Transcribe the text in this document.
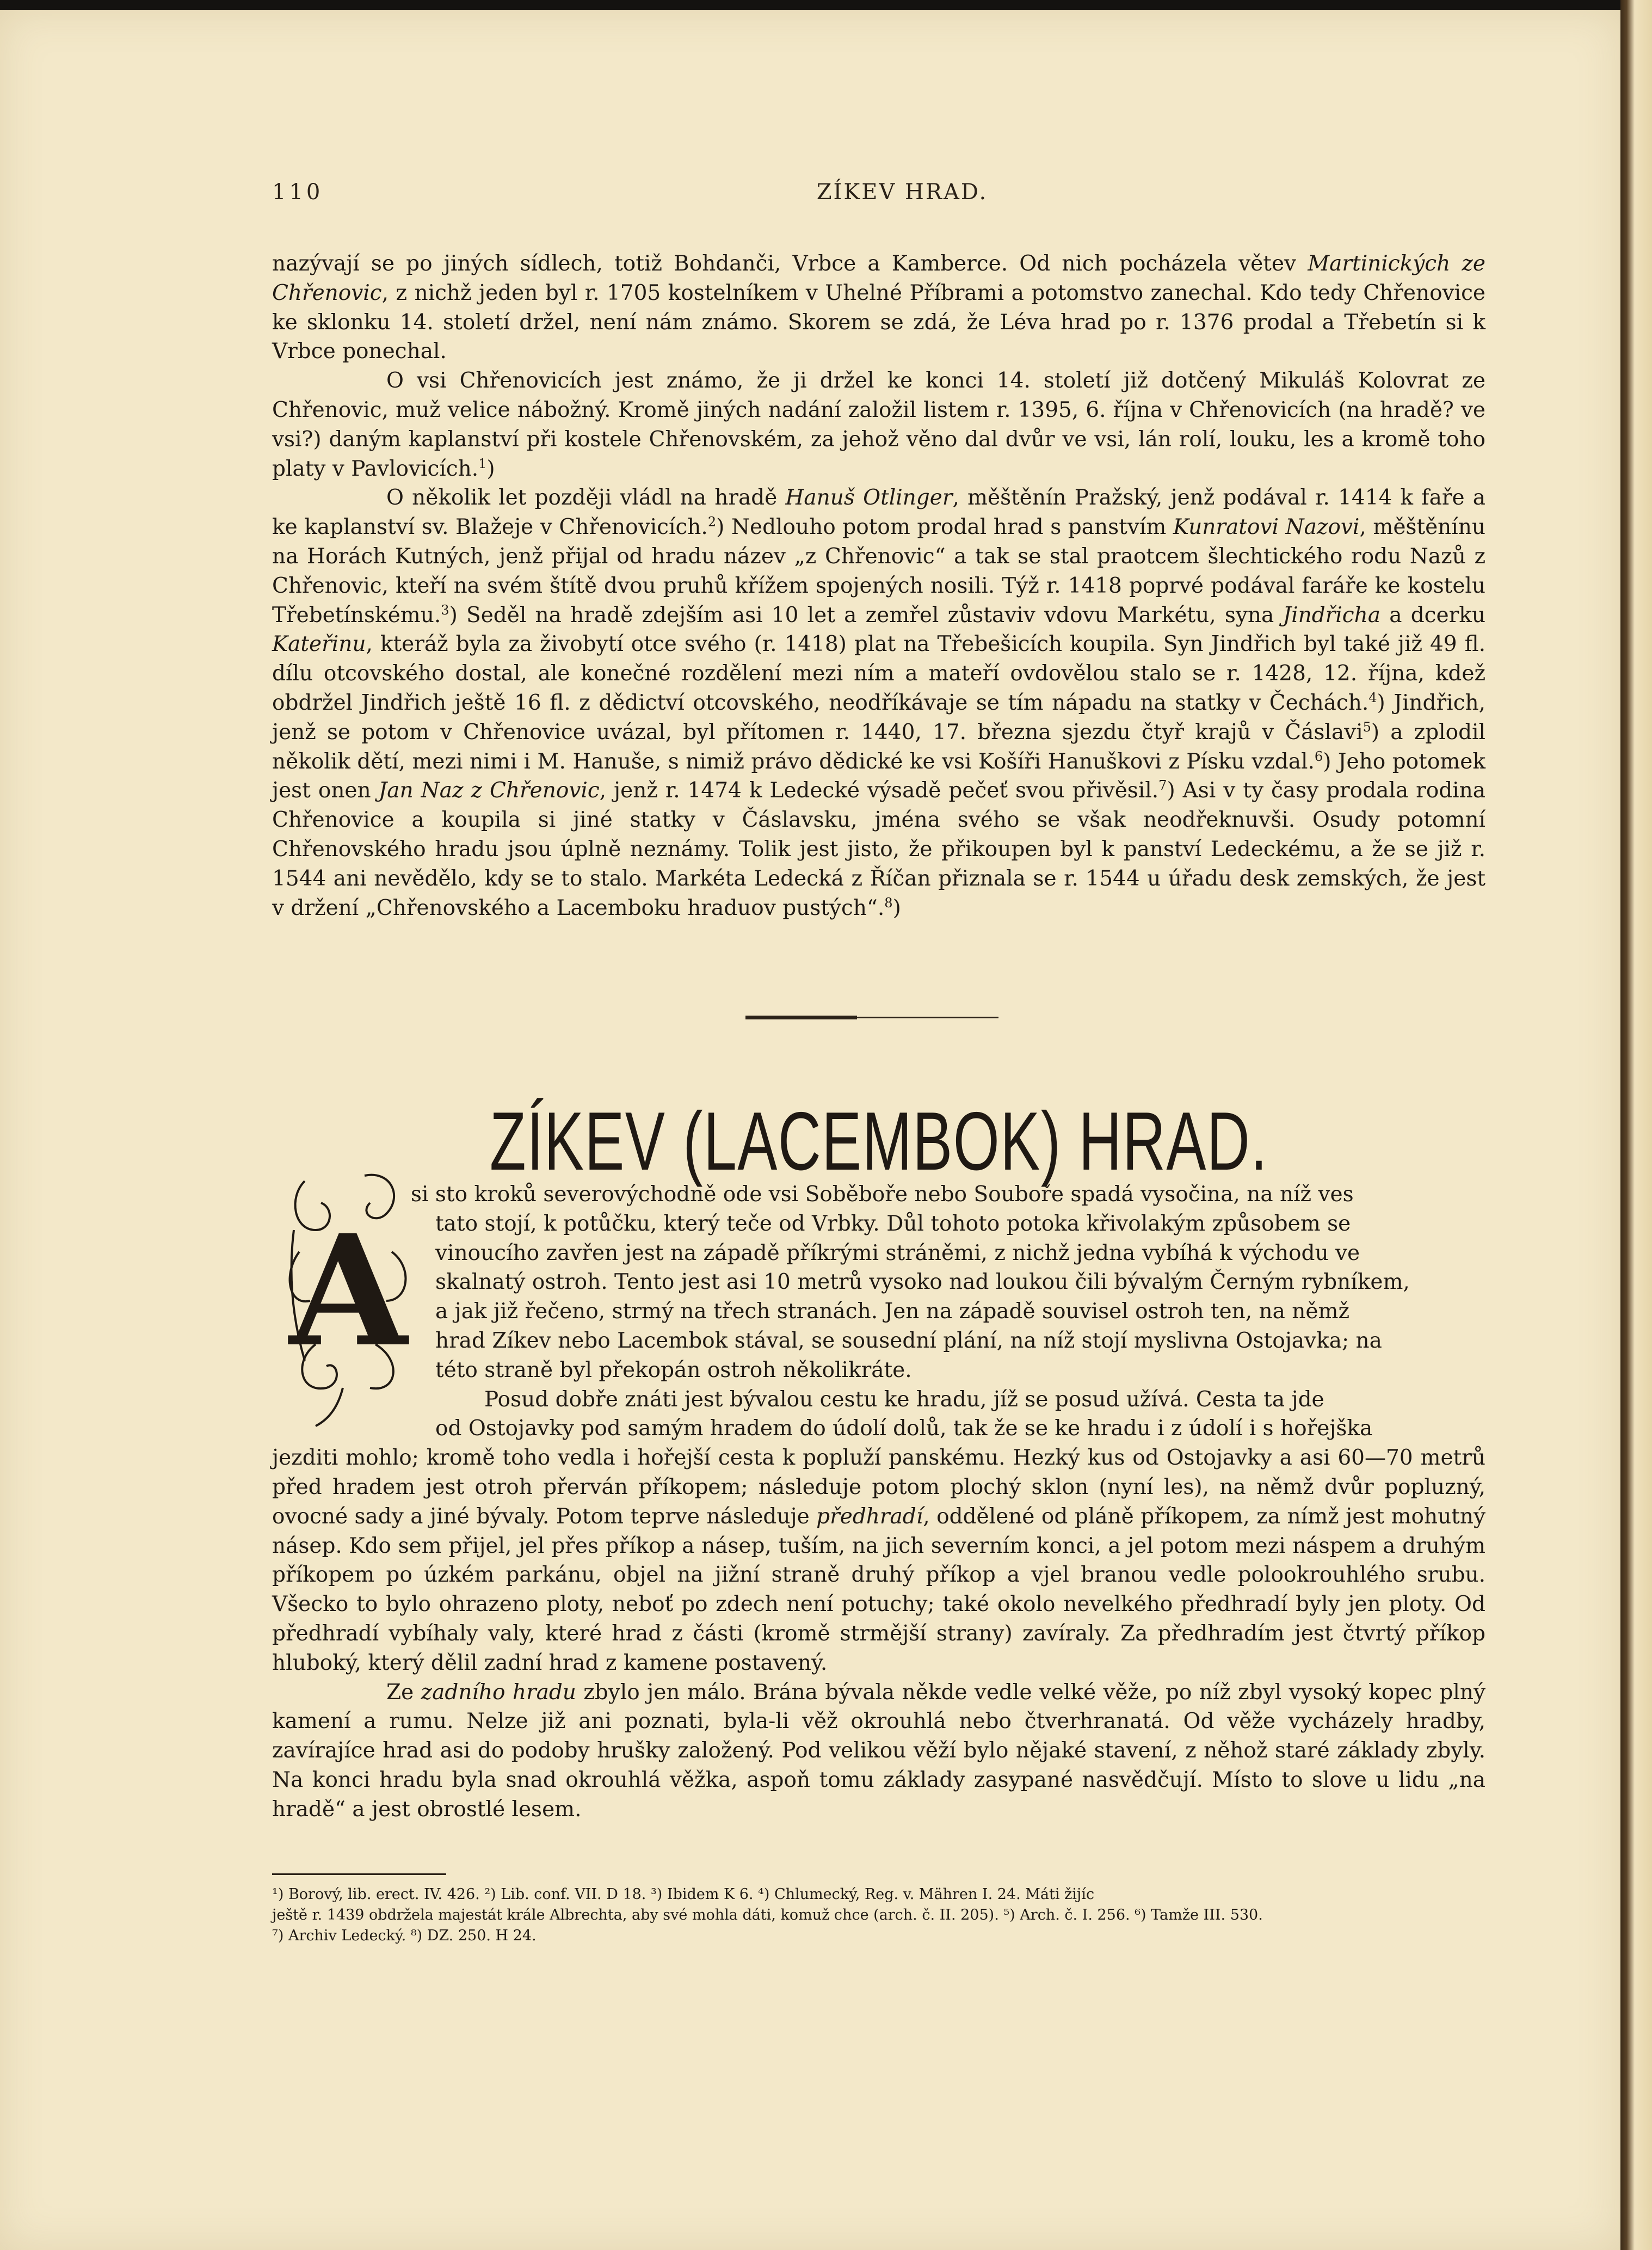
110	ZÍKEV HRAD.

nazývají se po jiných sídlech, totiž Bohdanči, Vrbce a Kamberce. Od nich pocházela větev Martinických ze Chřenovic, z nichž jeden byl r. 1705 kostelníkem v Uhelné Příbrami a potomstvo zanechal. Kdo tedy Chřenovice ke sklonku 14. století držel, není nám známo. Skorem se zdá, že Léva hrad po r. 1376 prodal a Třebetín si k Vrbce ponechal.

O vsi Chřenovicích jest známo, že ji držel ke konci 14. století již dotčený Mikuláš Kolovrat ze Chřenovic, muž velice nábožný. Kromě jiných nadání založil listem r. 1395, 6. října v Chřenovicích (na hradě? ve vsi?) daným kaplanství při kostele Chřenovském, za jehož věno dal dvůr ve vsi, lán rolí, louku, les a kromě toho platy v Pavlovicích.$^1$)

O několik let později vládl na hradě Hanuš Otlinger, měštěnín Pražský, jenž podával r. 1414 k faře a ke kaplanství sv. Blažeje v Chřenovicích.$^2$) Nedlouho potom prodal hrad s panstvím Kunratovi Nazovi, měštěnínu na Horách Kutných, jenž přijal od hradu název „z Chřenovic“ a tak se stal praotcem šlechtického rodu Nazů z Chřenovic, kteří na svém štítě dvou pruhů křížem spojených nosili. Týž r. 1418 poprvé podával faráře ke kostelu Třebetínskému.$^3$) Seděl na hradě zdejším asi 10 let a zemřel zůstaviv vdovu Markétu, syna Jindřicha a dcerku Kateřinu, kteráž byla za živobytí otce svého (r. 1418) plat na Třebešicích koupila. Syn Jindřich byl také již 49 fl. dílu otcovského dostal, ale konečné rozdělení mezi ním a mateří ovdovělou stalo se r. 1428, 12. října, kdež obdržel Jindřich ještě 16 fl. z dědictví otcovského, neodříkávaje se tím nápadu na statky v Čechách.$^4$) Jindřich, jenž se potom v Chřenovice uvázal, byl přítomen r. 1440, 17. března sjezdu čtyř krajů v Čáslavi$^5$) a zplodil několik dětí, mezi nimi i M. Hanuše, s nimiž právo dědické ke vsi Košíři Hanuškovi z Písku vzdal.$^6$) Jeho potomek jest onen Jan Naz z Chřenovic, jenž r. 1474 k Ledecké výsadě pečeť svou přivěsil.$^7$) Asi v ty časy prodala rodina Chřenovice a koupila si jiné statky v Čáslavsku, jména svého se však neodřeknuvši. Osudy potomní Chřenovského hradu jsou úplně neznámy. Tolik jest jisto, že přikoupen byl k panství Ledeckému, a že se již r. 1544 ani nevědělo, kdy se to stalo. Markéta Ledecká z Říčan přiznala se r. 1544 u úřadu desk zemských, že jest v držení „Chřenovského a Lacemboku hraduov pustých“.$^8$)

ZÍKEV (LACEMBOK) HRAD.
A
si sto kroků severovýchodně ode vsi Soběboře nebo Souboře spadá vysočina, na níž ves
tato stojí, k potůčku, který teče od Vrbky. Důl tohoto potoka křivolakým způsobem se
vinoucího zavřen jest na západě příkrými stráněmi, z nichž jedna vybíhá k východu ve
skalnatý ostroh. Tento jest asi 10 metrů vysoko nad loukou čili bývalým Černým rybníkem,
a jak již řečeno, strmý na třech stranách. Jen na západě souvisel ostroh ten, na němž
hrad Zíkev nebo Lacembok stával, se sousední plání, na níž stojí myslivna Ostojavka; na
této straně byl překopán ostroh několikráte.
Posud dobře znáti jest bývalou cestu ke hradu, jíž se posud užívá. Cesta ta jde
od Ostojavky pod samým hradem do údolí dolů, tak že se ke hradu i z údolí i s hořejška

jezditi mohlo; kromě toho vedla i hořejší cesta k popluží panskému. Hezký kus od Ostojavky a asi 60—70 metrů před hradem jest otroh přerván příkopem; následuje potom plochý sklon (nyní les), na němž dvůr popluzný, ovocné sady a jiné bývaly. Potom teprve následuje předhradí, oddělené od pláně příkopem, za nímž jest mohutný násep. Kdo sem přijel, jel přes příkop a násep, tuším, na jich severním konci, a jel potom mezi náspem a druhým příkopem po úzkém parkánu, objel na jižní straně druhý příkop a vjel branou vedle polookrouhlého srubu. Všecko to bylo ohrazeno ploty, neboť po zdech není potuchy; také okolo nevelkého předhradí byly jen ploty. Od předhradí vybíhaly valy, které hrad z části (kromě strmější strany) zavíraly. Za předhradím jest čtvrtý příkop hluboký, který dělil zadní hrad z kamene postavený.

Ze zadního hradu zbylo jen málo. Brána bývala někde vedle velké věže, po níž zbyl vysoký kopec plný kamení a rumu. Nelze již ani poznati, byla-li věž okrouhlá nebo čtverhranatá. Od věže vycházely hradby, zavírajíce hrad asi do podoby hrušky založený. Pod velikou věží bylo nějaké stavení, z něhož staré základy zbyly. Na konci hradu byla snad okrouhlá věžka, aspoň tomu základy zasypané nasvědčují. Místo to slove u lidu „na hradě“ a jest obrostlé lesem.

¹) Borový, lib. erect. IV. 426. ²) Lib. conf. VII. D 18. ³) Ibidem K 6. ⁴) Chlumecký, Reg. v. Mähren I. 24. Máti žijíc

ještě r. 1439 obdržela majestát krále Albrechta, aby své mohla dáti, komuž chce (arch. č. II. 205). ⁵) Arch. č. I. 256. ⁶) Tamže III. 530.

⁷) Archiv Ledecký. ⁸) DZ. 250. H 24.
